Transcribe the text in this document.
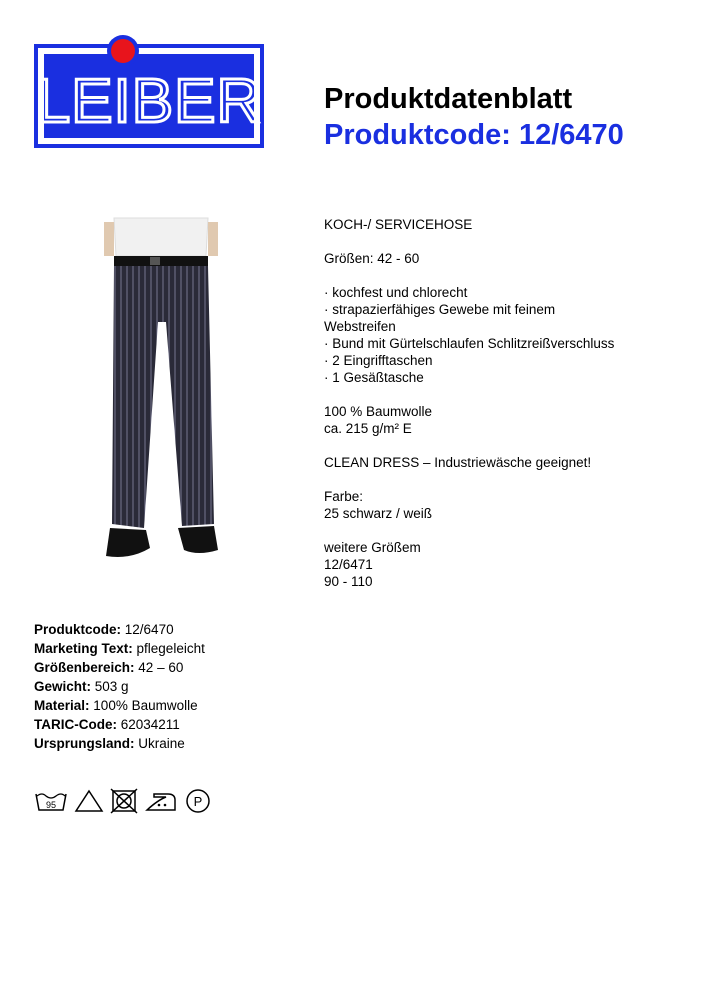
LEIBER Produktdatenblatt
Produktcode: 12/6470

KOCH-/ SERVICEHOSE

Größen: 42 - 60

· kochfest und chlorecht
· strapazierfähiges Gewebe mit feinem
Webstreifen
· Bund mit Gürtelschlaufen Schlitzreißverschluss
· 2 Eingrifftaschen
· 1 Gesäßtasche

100 % Baumwolle
ca. 215 g/m² E

CLEAN DRESS – Industriewäsche geeignet!

Farbe:
25 schwarz / weiß

weitere Größem
12/6471
90 - 110

Produktcode: 12/6470
Marketing Text: pflegeleicht
Größenbereich: 42 – 60
Gewicht: 503 g
Material: 100% Baumwolle
TARIC-Code: 62034211
Ursprungsland: Ukraine
95	P
